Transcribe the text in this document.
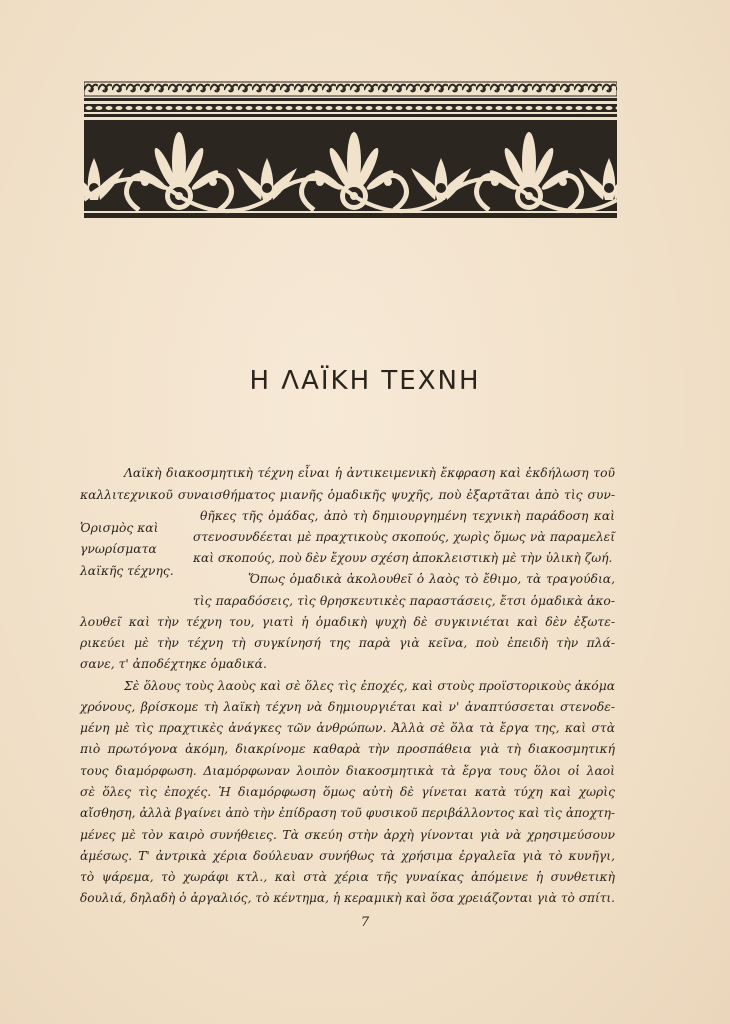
Η ΛΑΪΚΗ ΤΕΧΝΗ
Λαϊκὴ διακοσμητικὴ τέχνη εἶναι ἡ ἀντικειμενικὴ ἔκφραση καὶ ἐκδήλωση τοῦ
καλλιτεχνικοῦ συναισθήματος μιανῆς ὁμαδικῆς ψυχῆς, ποὺ ἐξαρτᾶται ἀπὸ τὶς συν-
θῆκες τῆς ὁμάδας, ἀπὸ τὴ δημιουργημένη τεχνικὴ παράδοση καὶ
στενοσυνδέεται μὲ πραχτικοὺς σκοπούς, χωρὶς ὅμως νὰ παραμελεῖ
καὶ σκοπούς, ποὺ δὲν ἔχουν σχέση ἀποκλειστικὴ μὲ τὴν ὑλικὴ ζωή.
Ὁρισμὸς καὶ
γνωρίσματα
λαϊκῆς τέχνης.
Ὅπως ὁμαδικὰ ἀκολουθεῖ ὁ λαὸς τὸ ἔθιμο, τὰ τραγούδια,
τὶς παραδόσεις, τὶς θρησκευτικὲς παραστάσεις, ἔτσι ὁμαδικὰ ἀκο-
λουθεῖ καὶ τὴν τέχνη του, γιατὶ ἡ ὁμαδικὴ ψυχὴ δὲ συγκινιέται καὶ δὲν ἐξωτε-
ρικεύει μὲ τὴν τέχνη τὴ συγκίνησή της παρὰ γιὰ κεῖνα, ποὺ ἐπειδὴ τὴν πλά-
σανε, τ' ἀποδέχτηκε ὁμαδικά.
Σὲ ὅλους τοὺς λαοὺς καὶ σὲ ὅλες τὶς ἐποχές, καὶ στοὺς προϊστορικοὺς ἀκόμα
χρόνους, βρίσκομε τὴ λαϊκὴ τέχνη νὰ δημιουργιέται καὶ ν' ἀναπτύσσεται στενοδε-
μένη μὲ τὶς πραχτικὲς ἀνάγκες τῶν ἀνθρώπων. Ἀλλὰ σὲ ὅλα τὰ ἔργα της, καὶ στὰ
πιὸ πρωτόγονα ἀκόμη, διακρίνομε καθαρὰ τὴν προσπάθεια γιὰ τὴ διακοσμητική
τους διαμόρφωση. Διαμόρφωναν λοιπὸν διακοσμητικὰ τὰ ἔργα τους ὅλοι οἱ λαοὶ
σὲ ὅλες τὶς ἐποχές. Ἡ διαμόρφωση ὅμως αὐτὴ δὲ γίνεται κατὰ τύχη καὶ χωρὶς
αἴσθηση, ἀλλὰ βγαίνει ἀπὸ τὴν ἐπίδραση τοῦ φυσικοῦ περιβάλλοντος καὶ τὶς ἀποχτη-
μένες μὲ τὸν καιρὸ συνήθειες. Τὰ σκεύη στὴν ἀρχὴ γίνονται γιὰ νὰ χρησιμεύσουν
ἀμέσως. Τ' ἀντρικὰ χέρια δούλευαν συνήθως τὰ χρήσιμα ἐργαλεῖα γιὰ τὸ κυνῆγι,
τὸ ψάρεμα, τὸ χωράφι κτλ., καὶ στὰ χέρια τῆς γυναίκας ἀπόμεινε ἡ συνθετικὴ
δουλιά, δηλαδὴ ὁ ἀργαλιός, τὸ κέντημα, ἡ κεραμικὴ καὶ ὅσα χρειάζονται γιὰ τὸ σπίτι.
7
